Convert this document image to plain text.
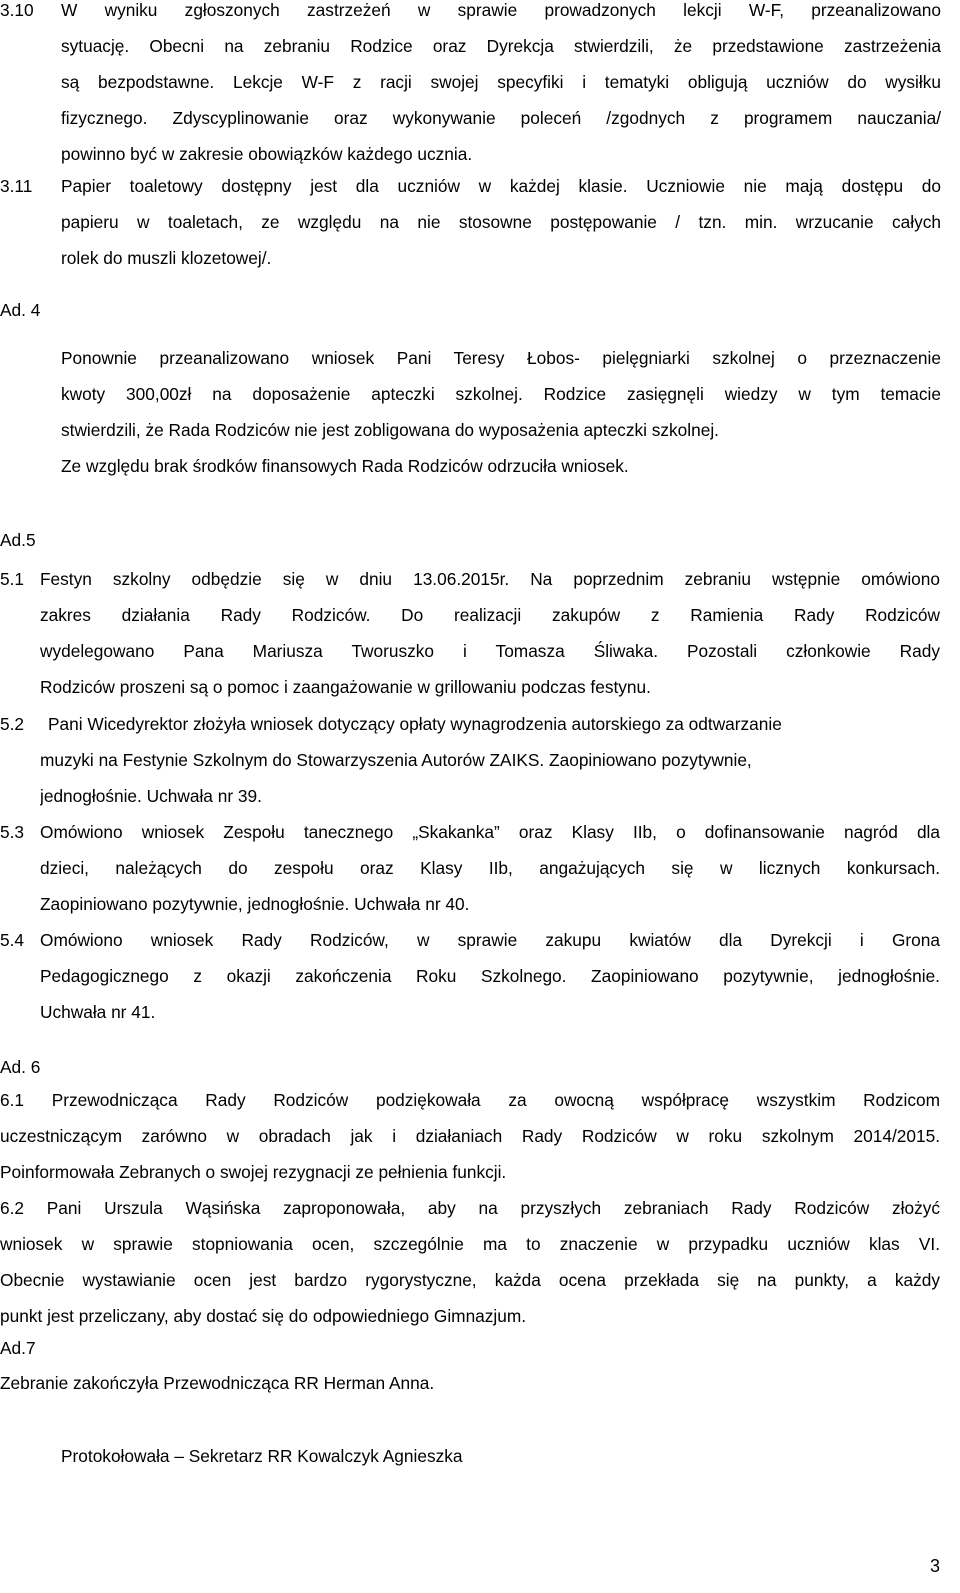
3.10 W wyniku zgłoszonych zastrzeżeń w sprawie prowadzonych lekcji W-F, przeanalizowano
sytuację. Obecni na zebraniu Rodzice oraz Dyrekcja stwierdzili, że przedstawione zastrzeżenia
są bezpodstawne. Lekcje W-F z racji swojej specyfiki i tematyki obligują uczniów do wysiłku
fizycznego. Zdyscyplinowanie oraz wykonywanie poleceń /zgodnych z programem nauczania/
powinno być w zakresie obowiązków każdego ucznia.
3.11 Papier toaletowy dostępny jest dla uczniów w każdej klasie. Uczniowie nie mają dostępu do
papieru w toaletach, ze względu na nie stosowne postępowanie / tzn. min. wrzucanie całych
rolek do muszli klozetowej/.
Ad. 4
Ponownie przeanalizowano wniosek Pani Teresy Łobos- pielęgniarki szkolnej o przeznaczenie
kwoty 300,00zł na doposażenie apteczki szkolnej. Rodzice zasięgnęli wiedzy w tym temacie
stwierdzili, że Rada Rodziców nie jest zobligowana do wyposażenia apteczki szkolnej.
Ze względu brak środków finansowych Rada Rodziców odrzuciła wniosek.
Ad.5
5.1 Festyn szkolny odbędzie się w dniu 13.06.2015r. Na poprzednim zebraniu wstępnie omówiono
zakres działania Rady Rodziców. Do realizacji zakupów z Ramienia Rady Rodziców
wydelegowano Pana Mariusza Tworuszko i Tomasza Śliwaka. Pozostali członkowie Rady
Rodziców proszeni są o pomoc i zaangażowanie w grillowaniu podczas festynu.
5.2	Pani Wicedyrektor złożyła wniosek dotyczący opłaty wynagrodzenia autorskiego za odtwarzanie
muzyki na Festynie Szkolnym do Stowarzyszenia Autorów ZAIKS. Zaopiniowano pozytywnie,
jednogłośnie. Uchwała nr 39.
5.3 Omówiono wniosek Zespołu tanecznego „Skakanka” oraz Klasy IIb, o dofinansowanie nagród dla
dzieci, należących do zespołu oraz Klasy IIb, angażujących się w licznych konkursach.
Zaopiniowano pozytywnie, jednogłośnie. Uchwała nr 40.
5.4 Omówiono wniosek Rady Rodziców, w sprawie zakupu kwiatów dla Dyrekcji i Grona
Pedagogicznego z okazji zakończenia Roku Szkolnego. Zaopiniowano pozytywnie, jednogłośnie.
Uchwała nr 41.
Ad. 6
6.1 Przewodnicząca Rady Rodziców podziękowała za owocną współpracę wszystkim Rodzicom
uczestniczącym zarówno w obradach jak i działaniach Rady Rodziców w roku szkolnym 2014/2015.
Poinformowała Zebranych o swojej rezygnacji ze pełnienia funkcji.
6.2 Pani Urszula Wąsińska zaproponowała, aby na przyszłych zebraniach Rady Rodziców złożyć
wniosek w sprawie stopniowania ocen, szczególnie ma to znaczenie w przypadku uczniów klas VI.
Obecnie wystawianie ocen jest bardzo rygorystyczne, każda ocena przekłada się na punkty, a każdy
punkt jest przeliczany, aby dostać się do odpowiedniego Gimnazjum.
Ad.7
Zebranie zakończyła Przewodnicząca RR Herman Anna.
Protokołowała – Sekretarz RR Kowalczyk Agnieszka
3
